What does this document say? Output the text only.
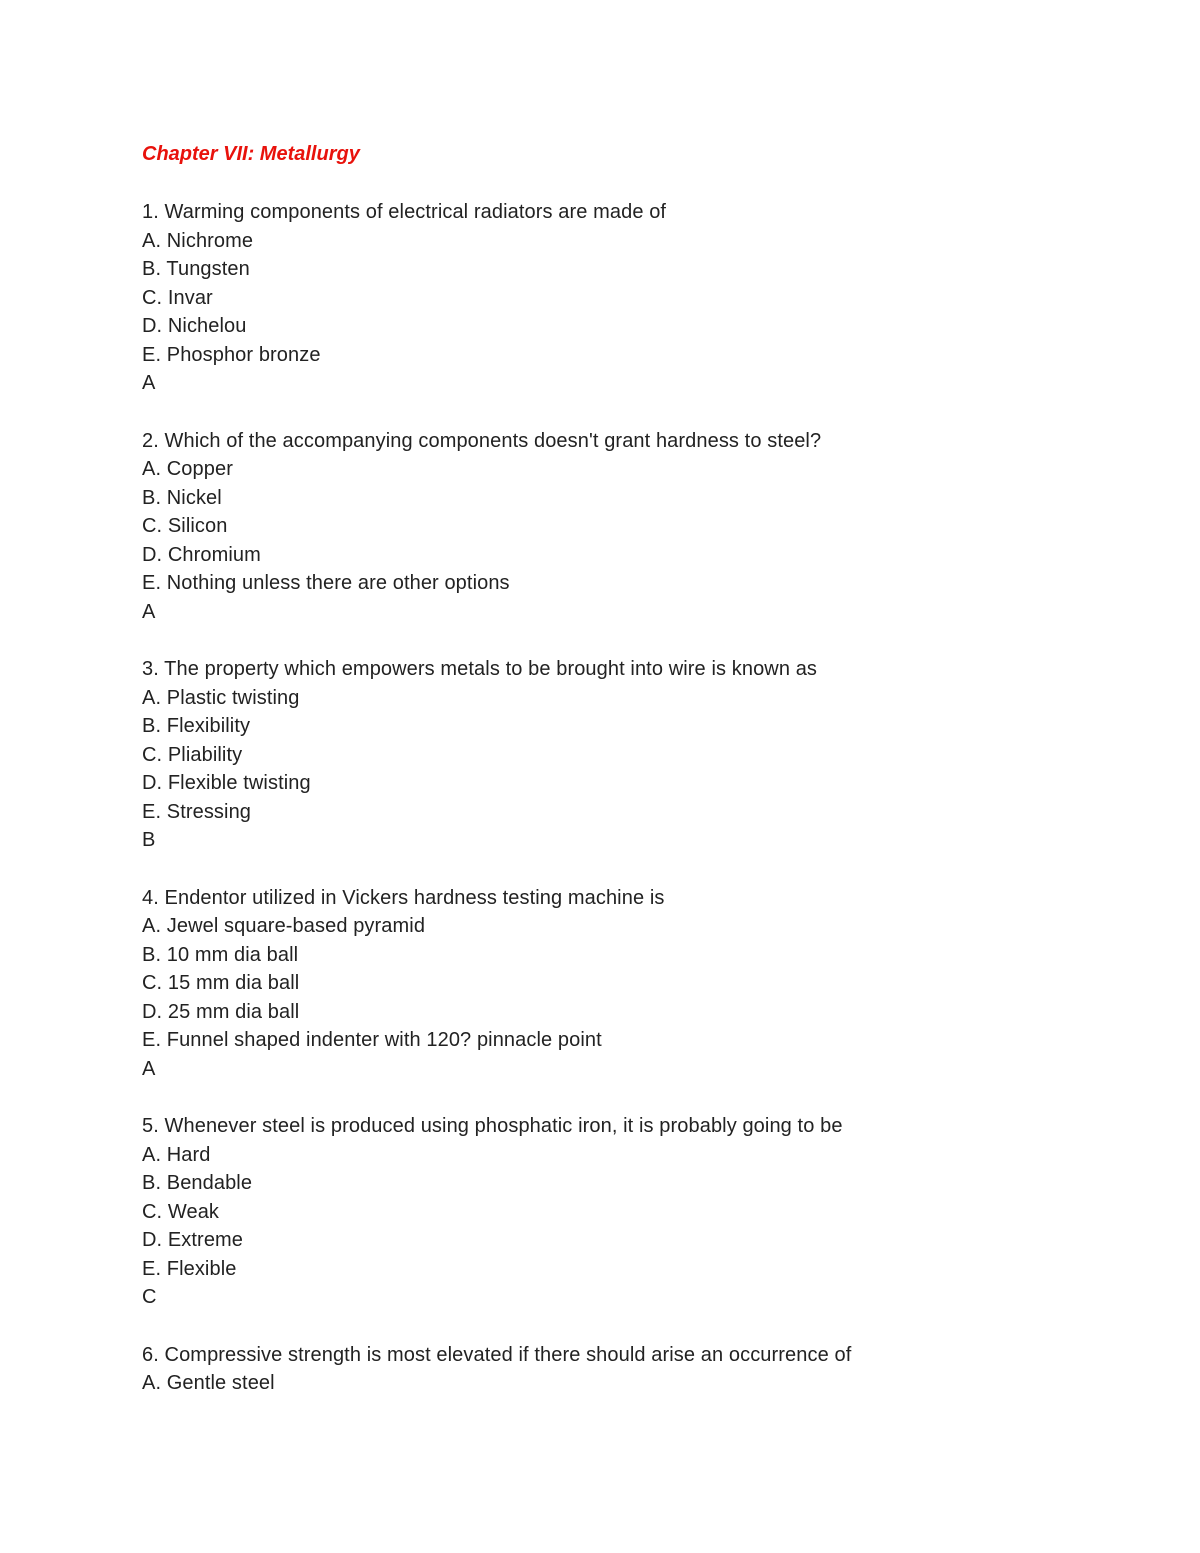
Chapter VII: Metallurgy
1. Warming components of electrical radiators are made of
A. Nichrome
B. Tungsten
C. Invar
D. Nichelou
E. Phosphor bronze
A
2. Which of the accompanying components doesn't grant hardness to steel?
A. Copper
B. Nickel
C. Silicon
D. Chromium
E. Nothing unless there are other options
A
3. The property which empowers metals to be brought into wire is known as
A. Plastic twisting
B. Flexibility
C. Pliability
D. Flexible twisting
E. Stressing
B
4. Endentor utilized in Vickers hardness testing machine is
A. Jewel square-based pyramid
B. 10 mm dia ball
C. 15 mm dia ball
D. 25 mm dia ball
E. Funnel shaped indenter with 120? pinnacle point
A
5. Whenever steel is produced using phosphatic iron, it is probably going to be
A. Hard
B. Bendable
C. Weak
D. Extreme
E. Flexible
C
6. Compressive strength is most elevated if there should arise an occurrence of
A. Gentle steel
